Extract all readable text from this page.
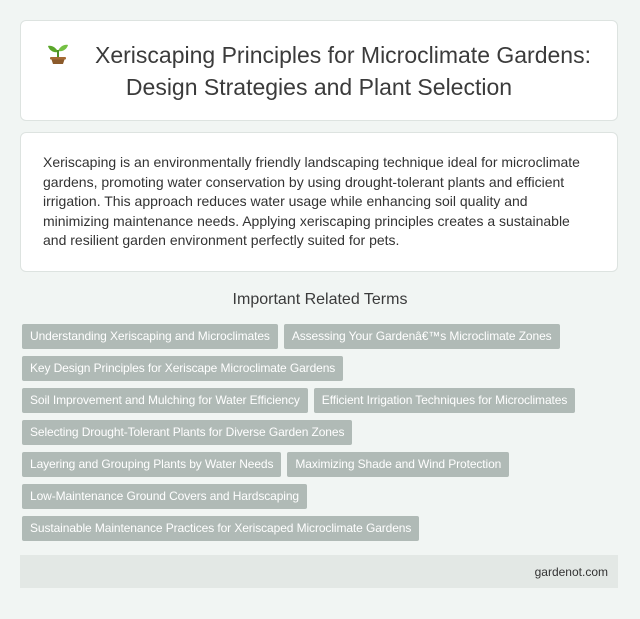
Xeriscaping Principles for Microclimate Gardens: Design Strategies and Plant Selection

Xeriscaping is an environmentally friendly landscaping technique ideal for microclimate gardens, promoting water conservation by using drought-tolerant plants and efficient irrigation. This approach reduces water usage while enhancing soil quality and minimizing maintenance needs. Applying xeriscaping principles creates a sustainable and resilient garden environment perfectly suited for pets.

Important Related Terms
Understanding Xeriscaping and Microclimates	Assessing Your Gardenâ€™s Microclimate Zones
Key Design Principles for Xeriscape Microclimate Gardens
Soil Improvement and Mulching for Water Efficiency	Efficient Irrigation Techniques for Microclimates
Selecting Drought-Tolerant Plants for Diverse Garden Zones
Layering and Grouping Plants by Water Needs	Maximizing Shade and Wind Protection
Low-Maintenance Ground Covers and Hardscaping
Sustainable Maintenance Practices for Xeriscaped Microclimate Gardens
gardenot.com
